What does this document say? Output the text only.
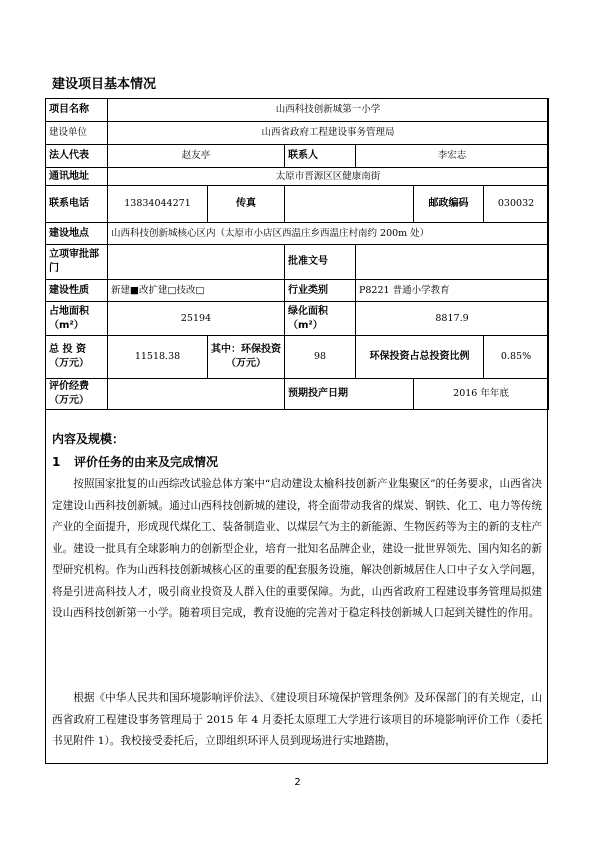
建设项目基本情况
项目名称	山西科技创新城第一小学					
建设单位	山西省政府工程建设事务管理局					
法人代表	赵友亭		联系人	李宏志		
通讯地址	太原市晋源区区健康南街					
联系电话	13834044271	传真			邮政编码	030032
建设地点	山西科技创新城核心区内（太原市小店区西温庄乡西温庄村南约 200m 处）					
立项审批部门			批准文号			
建设性质	新建■改扩建□技改□		行业类别	P8221 普通小学教育		
占地面积（m²）	25194		绿化面积（m²）	8817.9		
总 投 资（万元）	11518.38	其中：环保投资（万元）	98	环保投资占总投资比例		0.85%
评价经费（万元）			预期投产日期		2016 年年底	
内容及规模：
1 评价任务的由来及完成情况

按照国家批复的山西综改试验总体方案中“启动建设太榆科技创新产业集聚区”的任务要求，山西省决定建设山西科技创新城。通过山西科技创新城的建设，将全面带动我省的煤炭、钢铁、化工、电力等传统产业的全面提升，形成现代煤化工、装备制造业、以煤层气为主的新能源、生物医药等为主的新的支柱产业。建设一批具有全球影响力的创新型企业，培育一批知名品牌企业，建设一批世界领先、国内知名的新型研究机构。作为山西科技创新城核心区的重要的配套服务设施，解决创新城居住人口中子女入学问题，将是引进高科技人才，吸引商业投资及人群入住的重要保障。为此，山西省政府工程建设事务管理局拟建设山西科技创新第一小学。随着项目完成，教育设施的完善对于稳定科技创新城人口起到关键性的作用。

根据《中华人民共和国环境影响评价法》、《建设项目环境保护管理条例》及环保部门的有关规定，山西省政府工程建设事务管理局于 2015 年 4 月委托太原理工大学进行该项目的环境影响评价工作（委托书见附件 1）。我校接受委托后，立即组织环评人员到现场进行实地踏勘，

2
